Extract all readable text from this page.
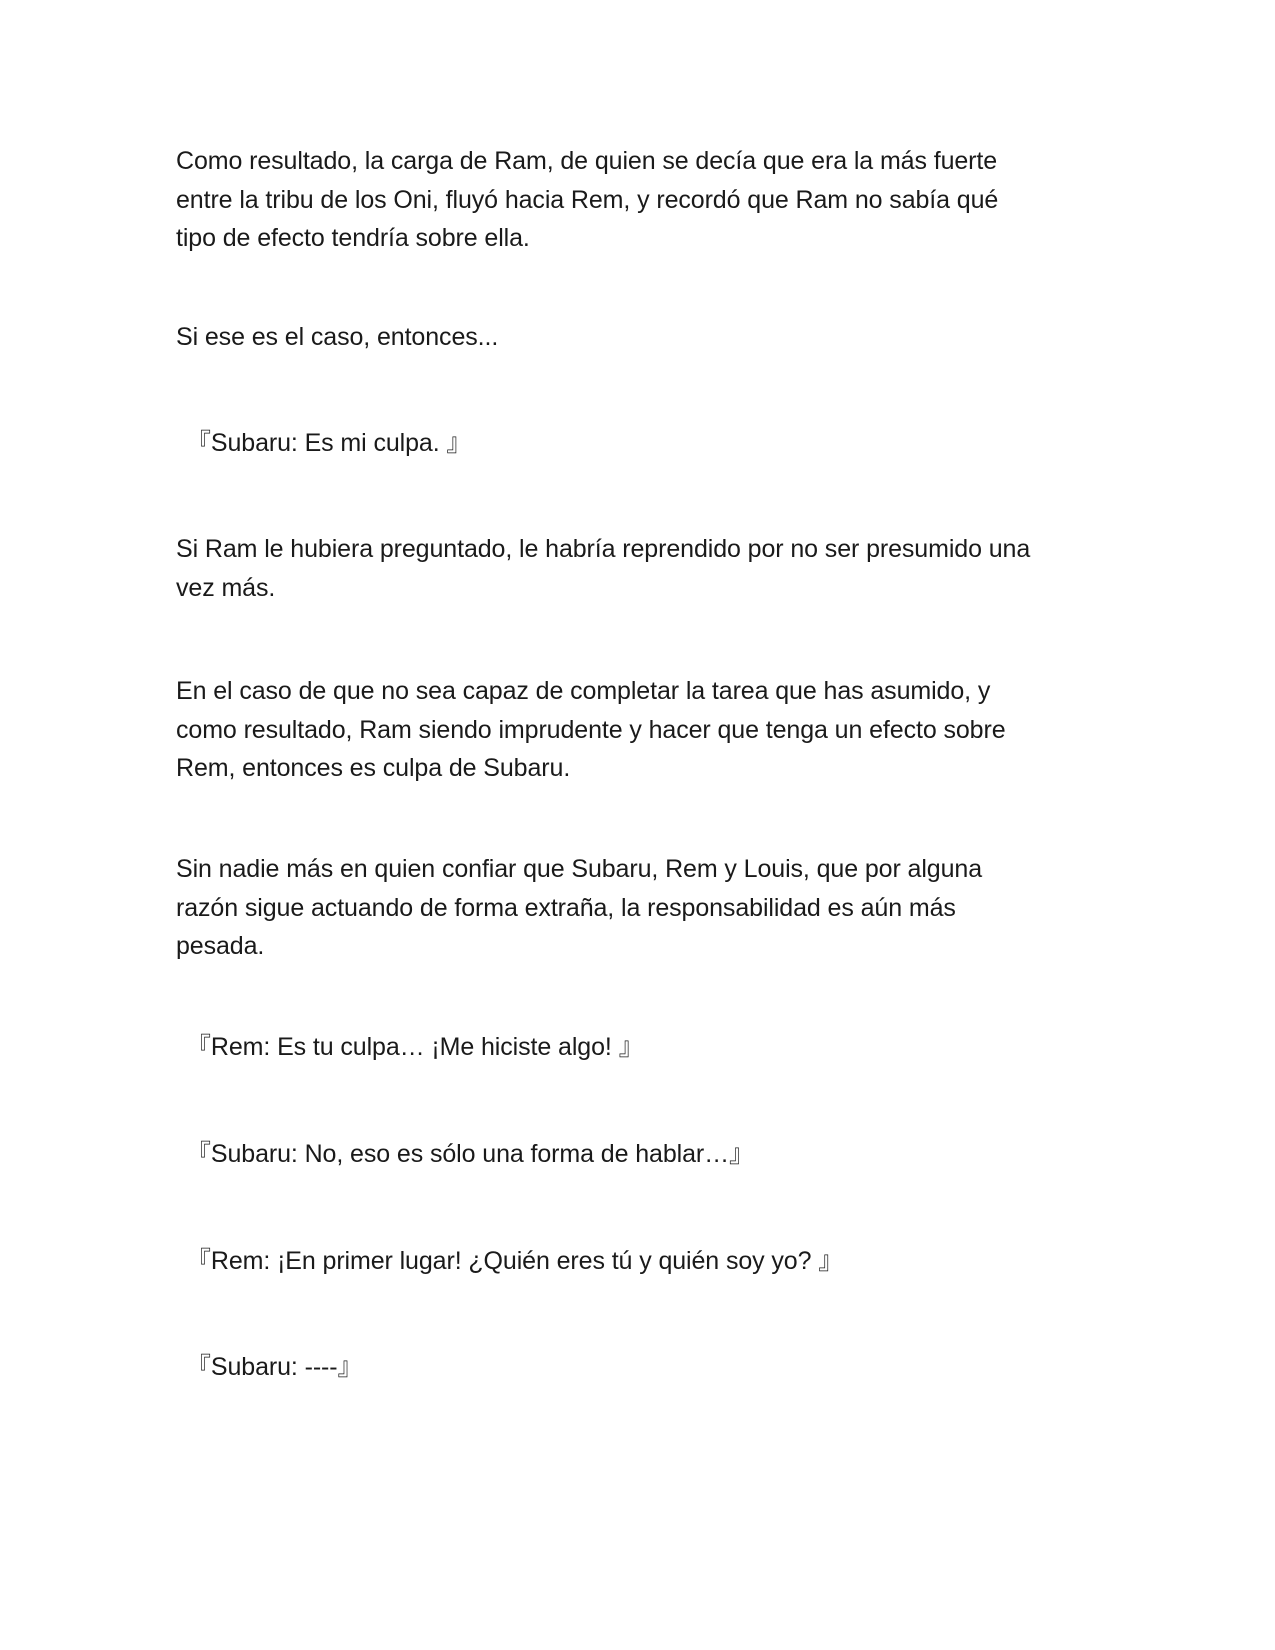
Como resultado, la carga de Ram, de quien se decía que era la más fuerte
entre la tribu de los Oni, fluyó hacia Rem, y recordó que Ram no sabía qué
tipo de efecto tendría sobre ella.

Si ese es el caso, entonces...

『Subaru: Es mi culpa. 』

Si Ram le hubiera preguntado, le habría reprendido por no ser presumido una
vez más.

En el caso de que no sea capaz de completar la tarea que has asumido, y
como resultado, Ram siendo imprudente y hacer que tenga un efecto sobre
Rem, entonces es culpa de Subaru.

Sin nadie más en quien confiar que Subaru, Rem y Louis, que por alguna
razón sigue actuando de forma extraña, la responsabilidad es aún más
pesada.

『Rem: Es tu culpa… ¡Me hiciste algo! 』

『Subaru: No, eso es sólo una forma de hablar…』

『Rem: ¡En primer lugar! ¿Quién eres tú y quién soy yo? 』

『Subaru: ----』
